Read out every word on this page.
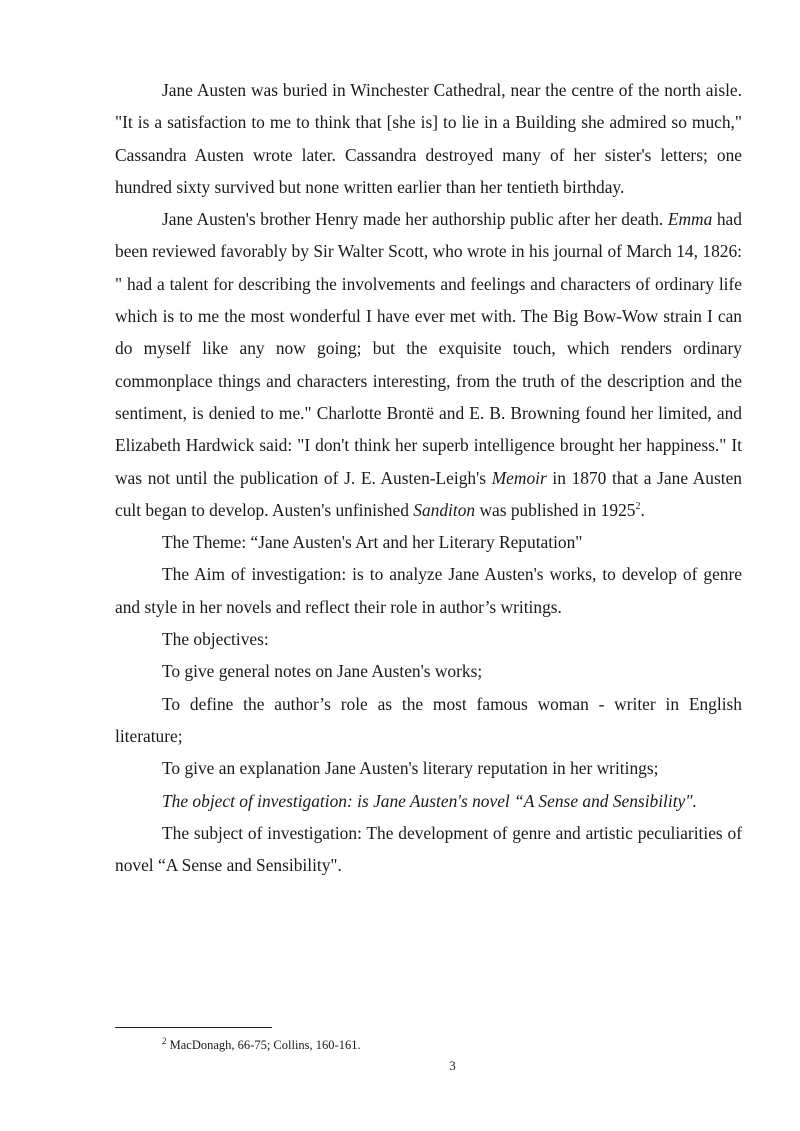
Jane Austen was buried in Winchester Cathedral, near the centre of the north aisle. "It is a satisfaction to me to think that [she is] to lie in a Building she admired so much," Cassandra Austen wrote later. Cassandra destroyed many of her sister's letters; one hundred sixty survived but none written earlier than her tentieth birthday.

Jane Austen's brother Henry made her authorship public after her death. Emma had been reviewed favorably by Sir Walter Scott, who wrote in his journal of March 14, 1826: " had a talent for describing the involvements and feelings and characters of ordinary life which is to me the most wonderful I have ever met with. The Big Bow-Wow strain I can do myself like any now going; but the exquisite touch, which renders ordinary commonplace things and characters interesting, from the truth of the description and the sentiment, is denied to me." Charlotte Brontë and E. B. Browning found her limited, and Elizabeth Hardwick said: "I don't think her superb intelligence brought her happiness." It was not until the publication of J. E. Austen-Leigh's Memoir in 1870 that a Jane Austen cult began to develop. Austen's unfinished Sanditon was published in 1925$^2$.

The Theme: “Jane Austen's Art and her Literary Reputation"

The Aim of investigation: is to analyze Jane Austen's works, to develop of genre and style in her novels and reflect their role in author’s writings.

The objectives:

To give general notes on Jane Austen's works;

To define the author’s role as the most famous woman - writer in English literature;

To give an explanation Jane Austen's literary reputation in her writings;

The object of investigation: is Jane Austen's novel “A Sense and Sensibility".

The subject of investigation: The development of genre and artistic peculiarities of novel “A Sense and Sensibility".

$^2$ MacDonagh, 66-75; Collins, 160-161.
3
